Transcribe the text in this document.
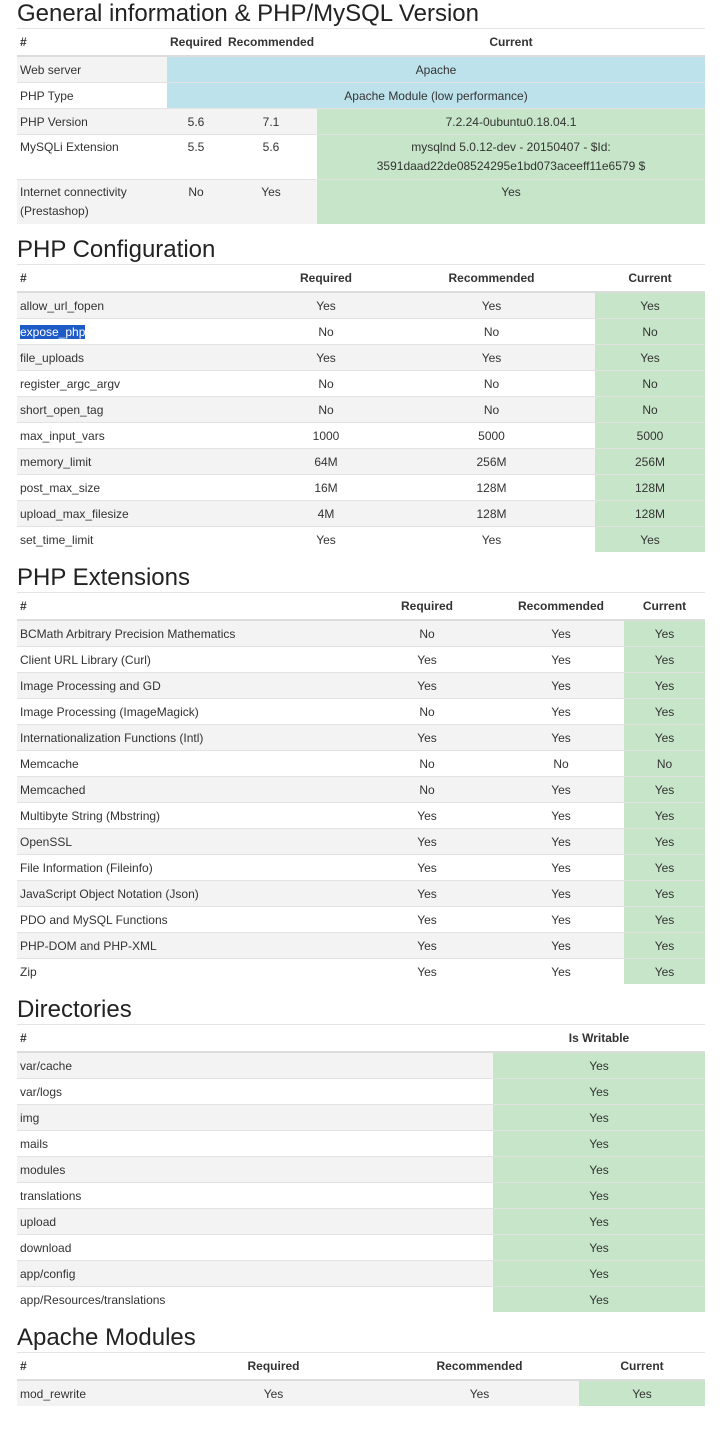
General information & PHP/MySQL Version
#	Required	Recommended	Current
Web server	Apache		
PHP Type	Apache Module (low performance)		
PHP Version	5.6	7.1	7.2.24-0ubuntu0.18.04.1
MySQLi Extension	5.5	5.6	mysqlnd 5.0.12-dev - 20150407 - $Id:
3591daad22de08524295e1bd073aceeff11e6579 $

Internet connectivity
(Prestashop)	No	Yes	Yes
PHP Configuration
#	Required	Recommended	Current
allow_url_fopen	Yes	Yes	Yes
expose_php	No	No	No
file_uploads	Yes	Yes	Yes
register_argc_argv	No	No	No
short_open_tag	No	No	No
max_input_vars	1000	5000	5000
memory_limit	64M	256M	256M
post_max_size	16M	128M	128M
upload_max_filesize	4M	128M	128M
set_time_limit	Yes	Yes	Yes
PHP Extensions
#	Required	Recommended	Current
BCMath Arbitrary Precision Mathematics	No	Yes	Yes
Client URL Library (Curl)	Yes	Yes	Yes
Image Processing and GD	Yes	Yes	Yes
Image Processing (ImageMagick)	No	Yes	Yes
Internationalization Functions (Intl)	Yes	Yes	Yes
Memcache	No	No	No
Memcached	No	Yes	Yes
Multibyte String (Mbstring)	Yes	Yes	Yes
OpenSSL	Yes	Yes	Yes
File Information (Fileinfo)	Yes	Yes	Yes
JavaScript Object Notation (Json)	Yes	Yes	Yes
PDO and MySQL Functions	Yes	Yes	Yes
PHP-DOM and PHP-XML	Yes	Yes	Yes
Zip	Yes	Yes	Yes
Directories
#	Is Writable
var/cache	Yes
var/logs	Yes
img	Yes
mails	Yes
modules	Yes
translations	Yes
upload	Yes
download	Yes
app/config	Yes
app/Resources/translations	Yes
Apache Modules
#	Required	Recommended	Current
mod_rewrite	Yes	Yes	Yes
